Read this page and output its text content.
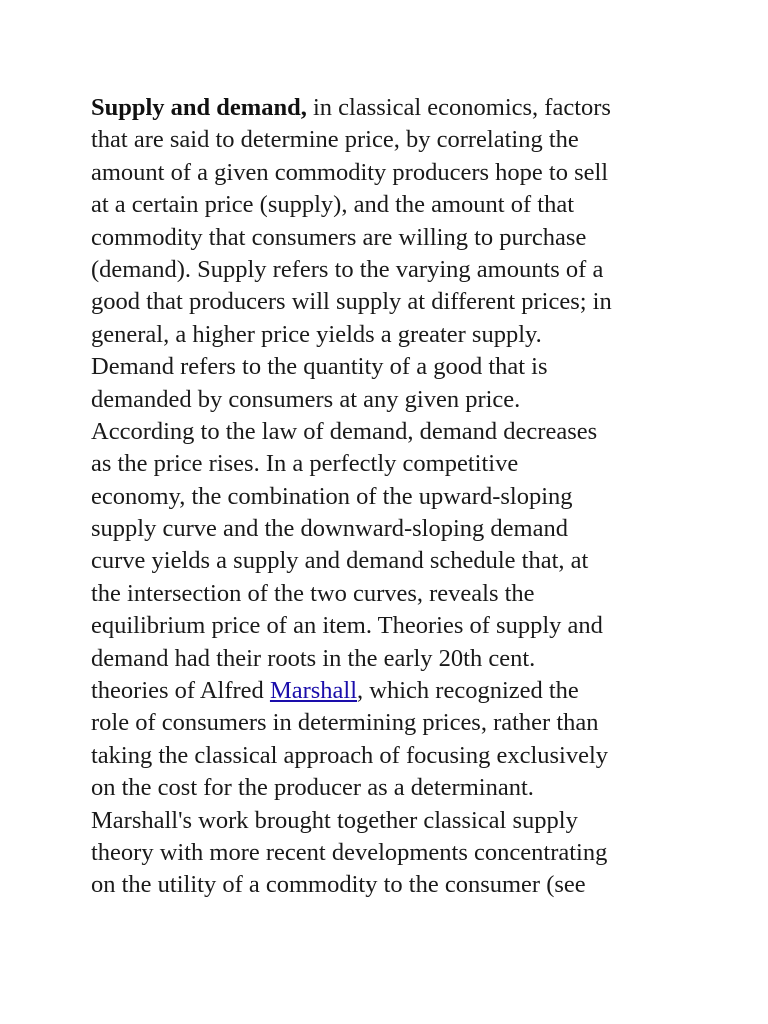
Supply and demand, in classical economics, factors
that are said to determine price, by correlating the
amount of a given commodity producers hope to sell
at a certain price (supply), and the amount of that
commodity that consumers are willing to purchase
(demand). Supply refers to the varying amounts of a
good that producers will supply at different prices; in
general, a higher price yields a greater supply.
Demand refers to the quantity of a good that is
demanded by consumers at any given price.
According to the law of demand, demand decreases
as the price rises. In a perfectly competitive
economy, the combination of the upward-sloping
supply curve and the downward-sloping demand
curve yields a supply and demand schedule that, at
the intersection of the two curves, reveals the
equilibrium price of an item. Theories of supply and
demand had their roots in the early 20th cent.
theories of Alfred Marshall, which recognized the
role of consumers in determining prices, rather than
taking the classical approach of focusing exclusively
on the cost for the producer as a determinant.
Marshall's work brought together classical supply
theory with more recent developments concentrating
on the utility of a commodity to the consumer (see
